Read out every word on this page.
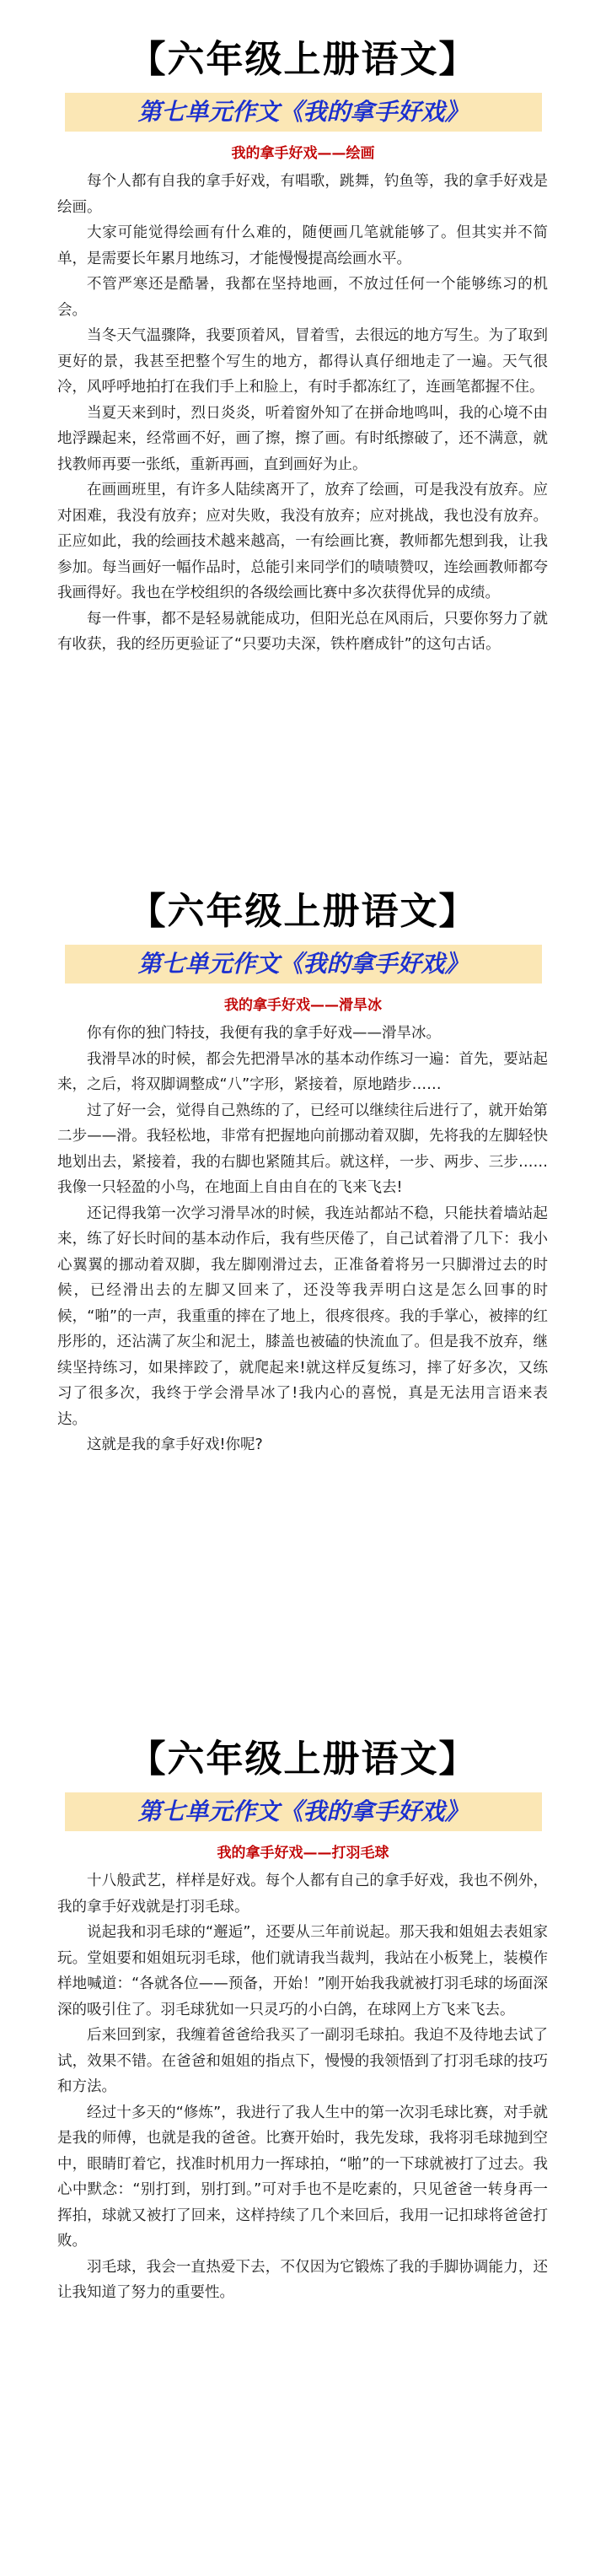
【六年级上册语文】
第七单元作文《我的拿手好戏》
我的拿手好戏——绘画

每个人都有自我的拿手好戏，有唱歌，跳舞，钓鱼等，我的拿手好戏是绘画。

大家可能觉得绘画有什么难的，随便画几笔就能够了。但其实并不简单，是需要长年累月地练习，才能慢慢提高绘画水平。

不管严寒还是酷暑，我都在坚持地画，不放过任何一个能够练习的机会。

当冬天气温骤降，我要顶着风，冒着雪，去很远的地方写生。为了取到更好的景，我甚至把整个写生的地方，都得认真仔细地走了一遍。天气很冷，风呼呼地拍打在我们手上和脸上，有时手都冻红了，连画笔都握不住。

当夏天来到时，烈日炎炎，听着窗外知了在拼命地鸣叫，我的心境不由地浮躁起来，经常画不好，画了擦，擦了画。有时纸擦破了，还不满意，就找教师再要一张纸，重新再画，直到画好为止。

在画画班里，有许多人陆续离开了，放弃了绘画，可是我没有放弃。应对困难，我没有放弃；应对失败，我没有放弃；应对挑战，我也没有放弃。正应如此，我的绘画技术越来越高，一有绘画比赛，教师都先想到我，让我参加。每当画好一幅作品时，总能引来同学们的啧啧赞叹，连绘画教师都夸我画得好。我也在学校组织的各级绘画比赛中多次获得优异的成绩。

每一件事，都不是轻易就能成功，但阳光总在风雨后，只要你努力了就有收获，我的经历更验证了“只要功夫深，铁杵磨成针”的这句古话。

【六年级上册语文】
第七单元作文《我的拿手好戏》
我的拿手好戏——滑旱冰

你有你的独门特技，我便有我的拿手好戏——滑旱冰。

我滑旱冰的时候，都会先把滑旱冰的基本动作练习一遍：首先，要站起来，之后，将双脚调整成“八”字形，紧接着，原地踏步……

过了好一会，觉得自己熟练的了，已经可以继续往后进行了，就开始第二步——滑。我轻松地，非常有把握地向前挪动着双脚，先将我的左脚轻快地划出去，紧接着，我的右脚也紧随其后。就这样，一步、两步、三步……我像一只轻盈的小鸟，在地面上自由自在的飞来飞去!

还记得我第一次学习滑旱冰的时候，我连站都站不稳，只能扶着墙站起来，练了好长时间的基本动作后，我有些厌倦了，自己试着滑了几下：我小心翼翼的挪动着双脚，我左脚刚滑过去，正准备着将另一只脚滑过去的时候，已经滑出去的左脚又回来了，还没等我弄明白这是怎么回事的时候，“啪”的一声，我重重的摔在了地上，很疼很疼。我的手掌心，被摔的红彤彤的，还沾满了灰尘和泥土，膝盖也被磕的快流血了。但是我不放弃，继续坚持练习，如果摔跤了，就爬起来!就这样反复练习，摔了好多次，又练习了很多次，我终于学会滑旱冰了!我内心的喜悦，真是无法用言语来表达。

这就是我的拿手好戏!你呢?

【六年级上册语文】
第七单元作文《我的拿手好戏》
我的拿手好戏——打羽毛球

十八般武艺，样样是好戏。每个人都有自己的拿手好戏，我也不例外，我的拿手好戏就是打羽毛球。

说起我和羽毛球的“邂逅”，还要从三年前说起。那天我和姐姐去表姐家玩。堂姐要和姐姐玩羽毛球，他们就请我当裁判，我站在小板凳上，装模作样地喊道：“各就各位——预备，开始！”刚开始我我就被打羽毛球的场面深深的吸引住了。羽毛球犹如一只灵巧的小白鸽，在球网上方飞来飞去。

后来回到家，我缠着爸爸给我买了一副羽毛球拍。我迫不及待地去试了试，效果不错。在爸爸和姐姐的指点下，慢慢的我领悟到了打羽毛球的技巧和方法。

经过十多天的“修炼”，我进行了我人生中的第一次羽毛球比赛，对手就是我的师傅，也就是我的爸爸。比赛开始时，我先发球，我将羽毛球抛到空中，眼睛盯着它，找准时机用力一挥球拍，“啪”的一下球就被打了过去。我心中默念：“别打到，别打到。”可对手也不是吃素的，只见爸爸一转身再一挥拍，球就又被打了回来，这样持续了几个来回后，我用一记扣球将爸爸打败。

羽毛球，我会一直热爱下去，不仅因为它锻炼了我的手脚协调能力，还让我知道了努力的重要性。
